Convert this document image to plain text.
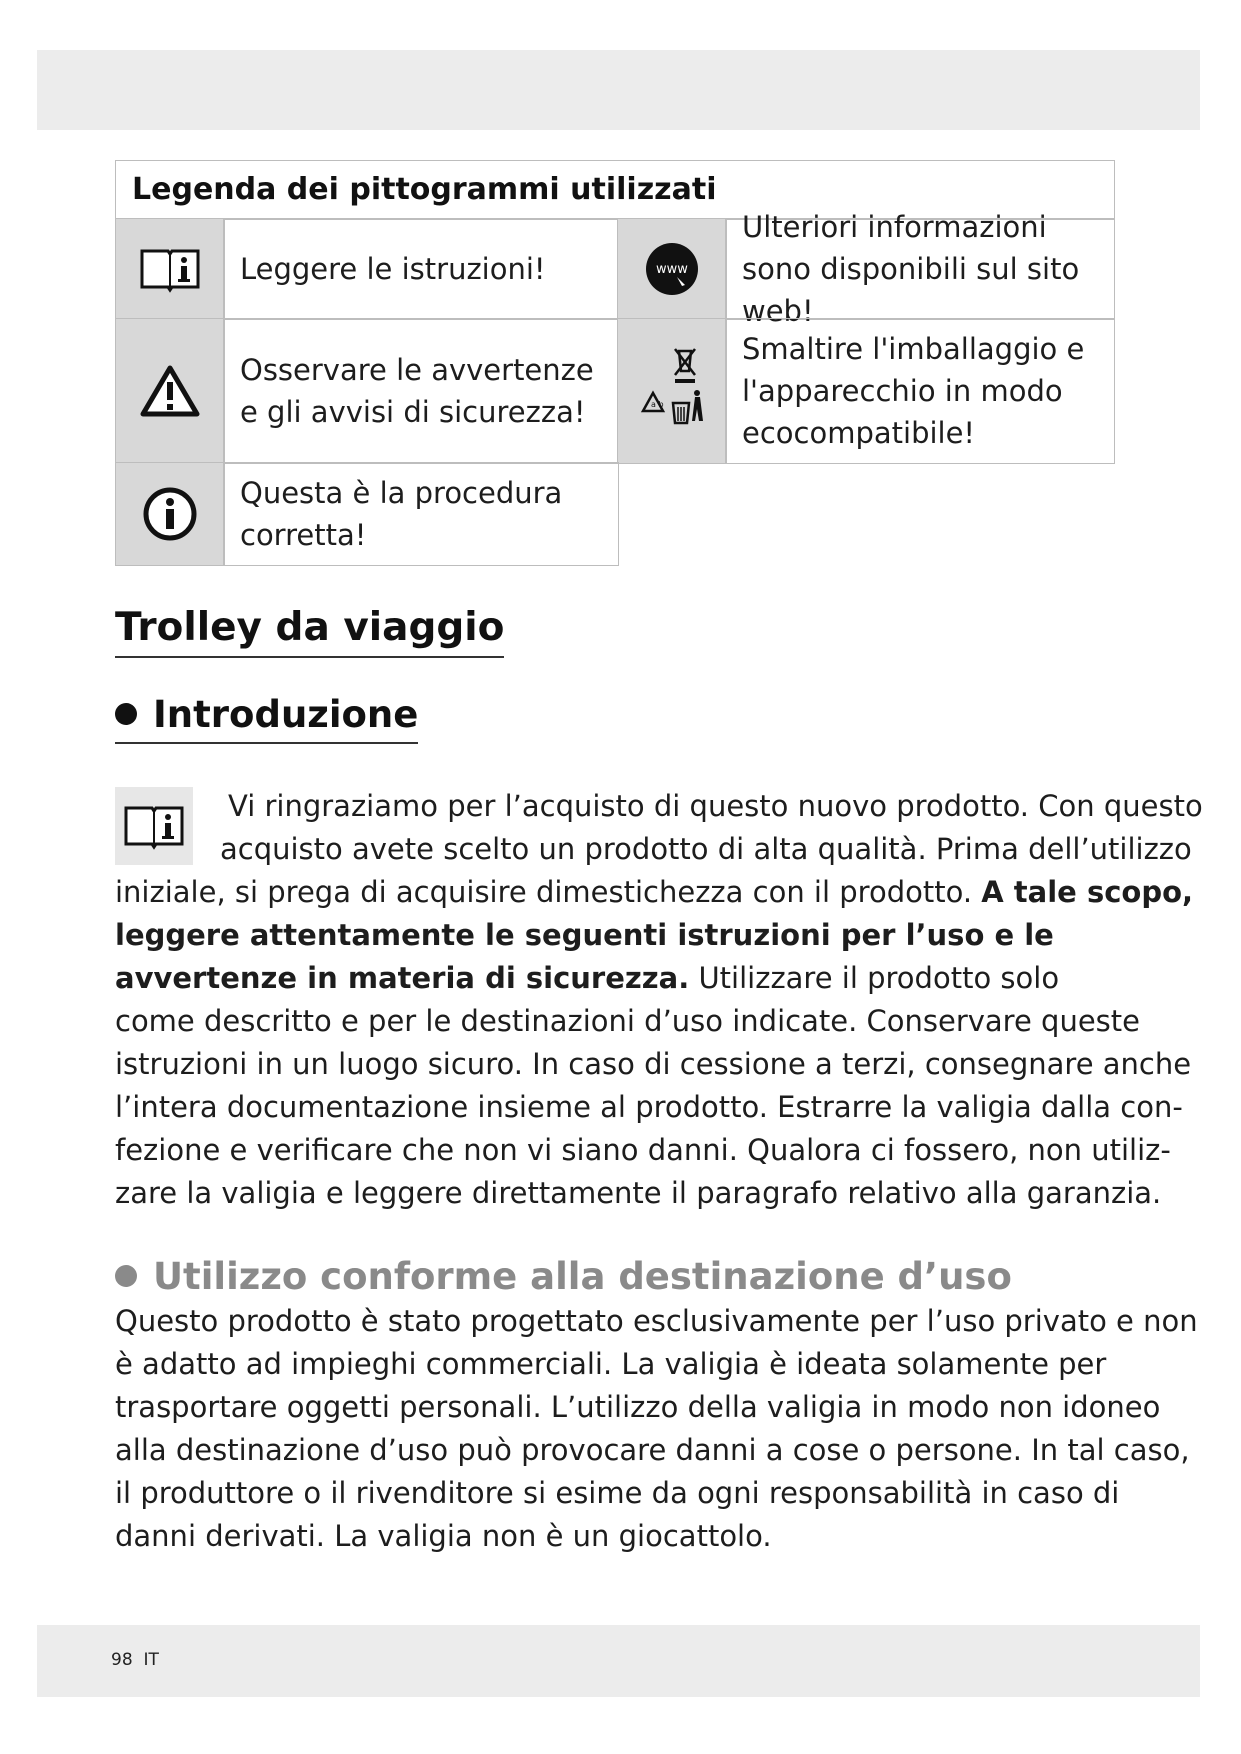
Legenda dei pittogrammi utilizzati
Leggere le istruzioni!	www
Ulteriori informazioni sono disponibili sul sito web!
Osservare le avvertenze e gli avvisi di sicurezza!	a b
Smaltire l'imballaggio e l'apparecchio in modo ecocompatibile!
Questa è la procedura corretta!
Trolley da viaggio
Introduzione
Vi ringraziamo per l’acquisto di questo nuovo prodotto. Con questo
acquisto avete scelto un prodotto di alta qualità. Prima dell’utilizzo
iniziale, si prega di acquisire dimestichezza con il prodotto. A tale scopo,
leggere attentamente le seguenti istruzioni per l’uso e le
avvertenze in materia di sicurezza. Utilizzare il prodotto solo
come descritto e per le destinazioni d’uso indicate. Conservare queste
istruzioni in un luogo sicuro. In caso di cessione a terzi, consegnare anche
l’intera documentazione insieme al prodotto. Estrarre la valigia dalla con-
fezione e verificare che non vi siano danni. Qualora ci fossero, non utiliz-
zare la valigia e leggere direttamente il paragrafo relativo alla garanzia.
Utilizzo conforme alla destinazione d’uso
Questo prodotto è stato progettato esclusivamente per l’uso privato e non
è adatto ad impieghi commerciali. La valigia è ideata solamente per
trasportare oggetti personali. L’utilizzo della valigia in modo non idoneo
alla destinazione d’uso può provocare danni a cose o persone. In tal caso,
il produttore o il rivenditore si esime da ogni responsabilità in caso di
danni derivati. La valigia non è un giocattolo.
98 IT
